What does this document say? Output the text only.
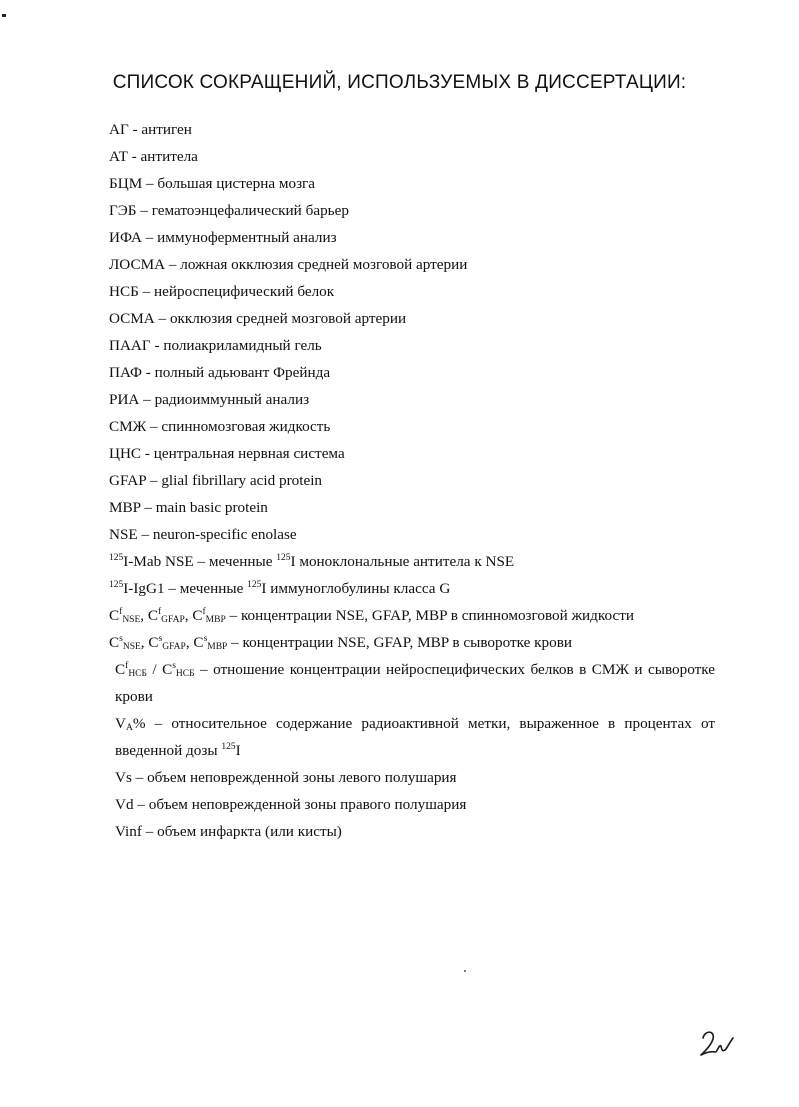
СПИСОК СОКРАЩЕНИЙ, ИСПОЛЬЗУЕМЫХ В ДИССЕРТАЦИИ:
АГ - антиген
АТ - антитела
БЦМ – большая цистерна мозга
ГЭБ – гематоэнцефалический барьер
ИФА – иммуноферментный анализ
ЛОСМА – ложная окклюзия средней мозговой артерии
НСБ – нейроспецифический белок
ОСМА – окклюзия средней мозговой артерии
ПААГ - полиакриламидный гель
ПАФ - полный адьювант Фрейнда
РИА – радиоиммунный анализ
СМЖ – спинномозговая жидкость
ЦНС - центральная нервная система
GFAP – glial fibrillary acid protein
MBP – main basic protein
NSE – neuron-specific enolase
$^{125}$I-Mab NSE – меченные $^{125}$I моноклональные антитела к NSE
$^{125}$I-IgG1 – меченные $^{125}$I иммуноглобулины класса G
$C^f_{NSE}$, $C^f_{GFAP}$, $C^f_{MBP}$ – концентрации NSE, GFAP, MBP в спинномозговой жидкости
$C^s_{NSE}$, $C^s_{GFAP}$, $C^s_{MBP}$ – концентрации NSE, GFAP, MBP в сыворотке крови
$C^f_{НСБ} / C^s_{НСБ}$ – отношение концентрации нейроспецифических белков в СМЖ и сыворотке крови
$V_A\%$ – относительное содержание радиоактивной метки, выраженное в процентах от введенной дозы $^{125}$I
Vs – объем неповрежденной зоны левого полушария
Vd – объем неповрежденной зоны правого полушария
Vinf – объем инфаркта (или кисты)
